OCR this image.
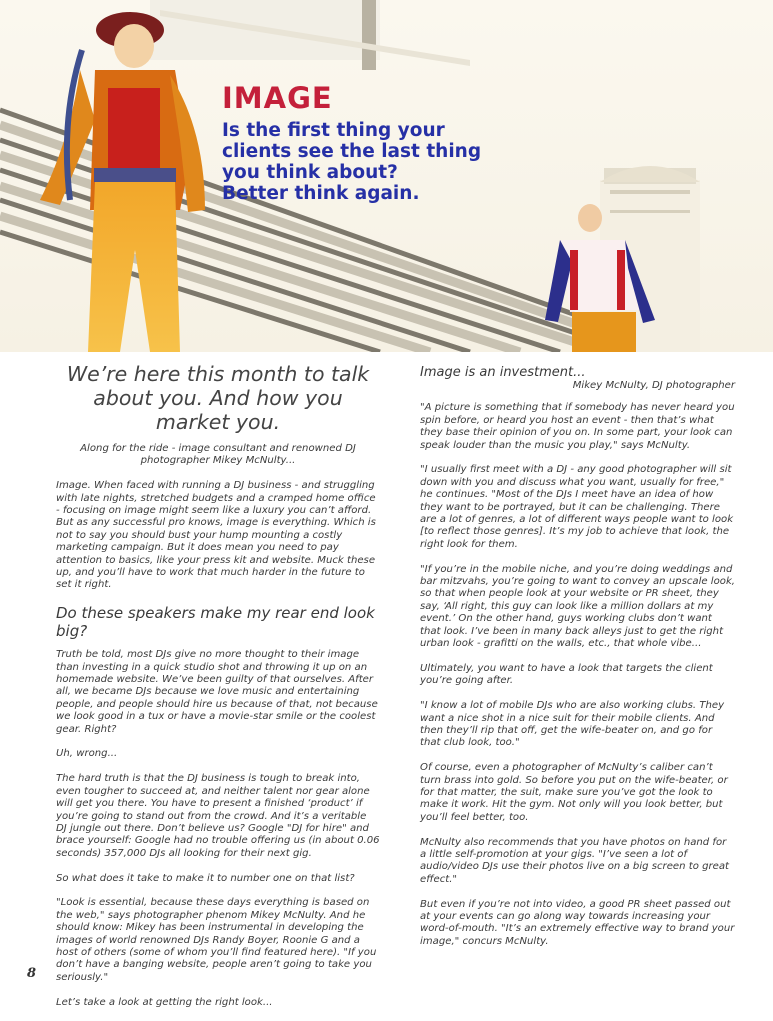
IMAGE
Is the first thing your
clients see the last thing
you think about?
Better think again.

We’re here this month to talk about you. And how you market you.

Along for the ride - image consultant and renowned DJ photographer Mikey McNulty...

Image. When faced with running a DJ business - and struggling with late nights, stretched budgets and a cramped home office - focusing on image might seem like a luxury you can’t afford. But as any successful pro knows, image is everything. Which is not to say you should bust your hump mounting a costly marketing campaign. But it does mean you need to pay attention to basics, like your press kit and website. Muck these up, and you’ll have to work that much harder in the future to set it right.

Do these speakers make my rear end look big?

Truth be told, most DJs give no more thought to their image than investing in a quick studio shot and throwing it up on an homemade website. We’ve been guilty of that ourselves. After all, we became DJs because we love music and entertaining people, and people should hire us because of that, not because we look good in a tux or have a movie-star smile or the coolest gear. Right?

Uh, wrong...

The hard truth is that the DJ business is tough to break into, even tougher to succeed at, and neither talent nor gear alone will get you there. You have to present a finished ‘product’ if you’re going to stand out from the crowd. And it’s a veritable DJ jungle out there. Don’t believe us? Google "DJ for hire" and brace yourself: Google had no trouble offering us (in about 0.06 seconds) 357,000 DJs all looking for their next gig.

So what does it take to make it to number one on that list?

"Look is essential, because these days everything is based on the web," says photographer phenom Mikey McNulty. And he should know: Mikey has been instrumental in developing the images of world renowned DJs Randy Boyer, Roonie G and a host of others (some of whom you’ll find featured here). "If you don’t have a banging website, people aren’t going to take you seriously."

Let’s take a look at getting the right look...

Image is an investment...

Mikey McNulty, DJ photographer

"A picture is something that if somebody has never heard you spin before, or heard you host an event - then that’s what they base their opinion of you on. In some part, your look can speak louder than the music you play," says McNulty.

"I usually first meet with a DJ - any good photographer will sit down with you and discuss what you want, usually for free," he continues. "Most of the DJs I meet have an idea of how they want to be portrayed, but it can be challenging. There are a lot of genres, a lot of different ways people want to look [to reflect those genres]. It’s my job to achieve that look, the right look for them.

"If you’re in the mobile niche, and you’re doing weddings and bar mitzvahs, you’re going to want to convey an upscale look, so that when people look at your website or PR sheet, they say, ‘All right, this guy can look like a million dollars at my event.’ On the other hand, guys working clubs don’t want that look. I’ve been in many back alleys just to get the right urban look - grafitti on the walls, etc., that whole vibe...

Ultimately, you want to have a look that targets the client you’re going after.

"I know a lot of mobile DJs who are also working clubs. They want a nice shot in a nice suit for their mobile clients. And then they’ll rip that off, get the wife-beater on, and go for that club look, too."

Of course, even a photographer of McNulty’s caliber can’t turn brass into gold. So before you put on the wife-beater, or for that matter, the suit, make sure you’ve got the look to make it work. Hit the gym. Not only will you look better, but you’ll feel better, too.

McNulty also recommends that you have photos on hand for a little self-promotion at your gigs. "I’ve seen a lot of audio/video DJs use their photos live on a big screen to great effect."

But even if you’re not into video, a good PR sheet passed out at your events can go along way towards increasing your word-of-mouth. "It’s an extremely effective way to brand your image," concurs McNulty.

8
